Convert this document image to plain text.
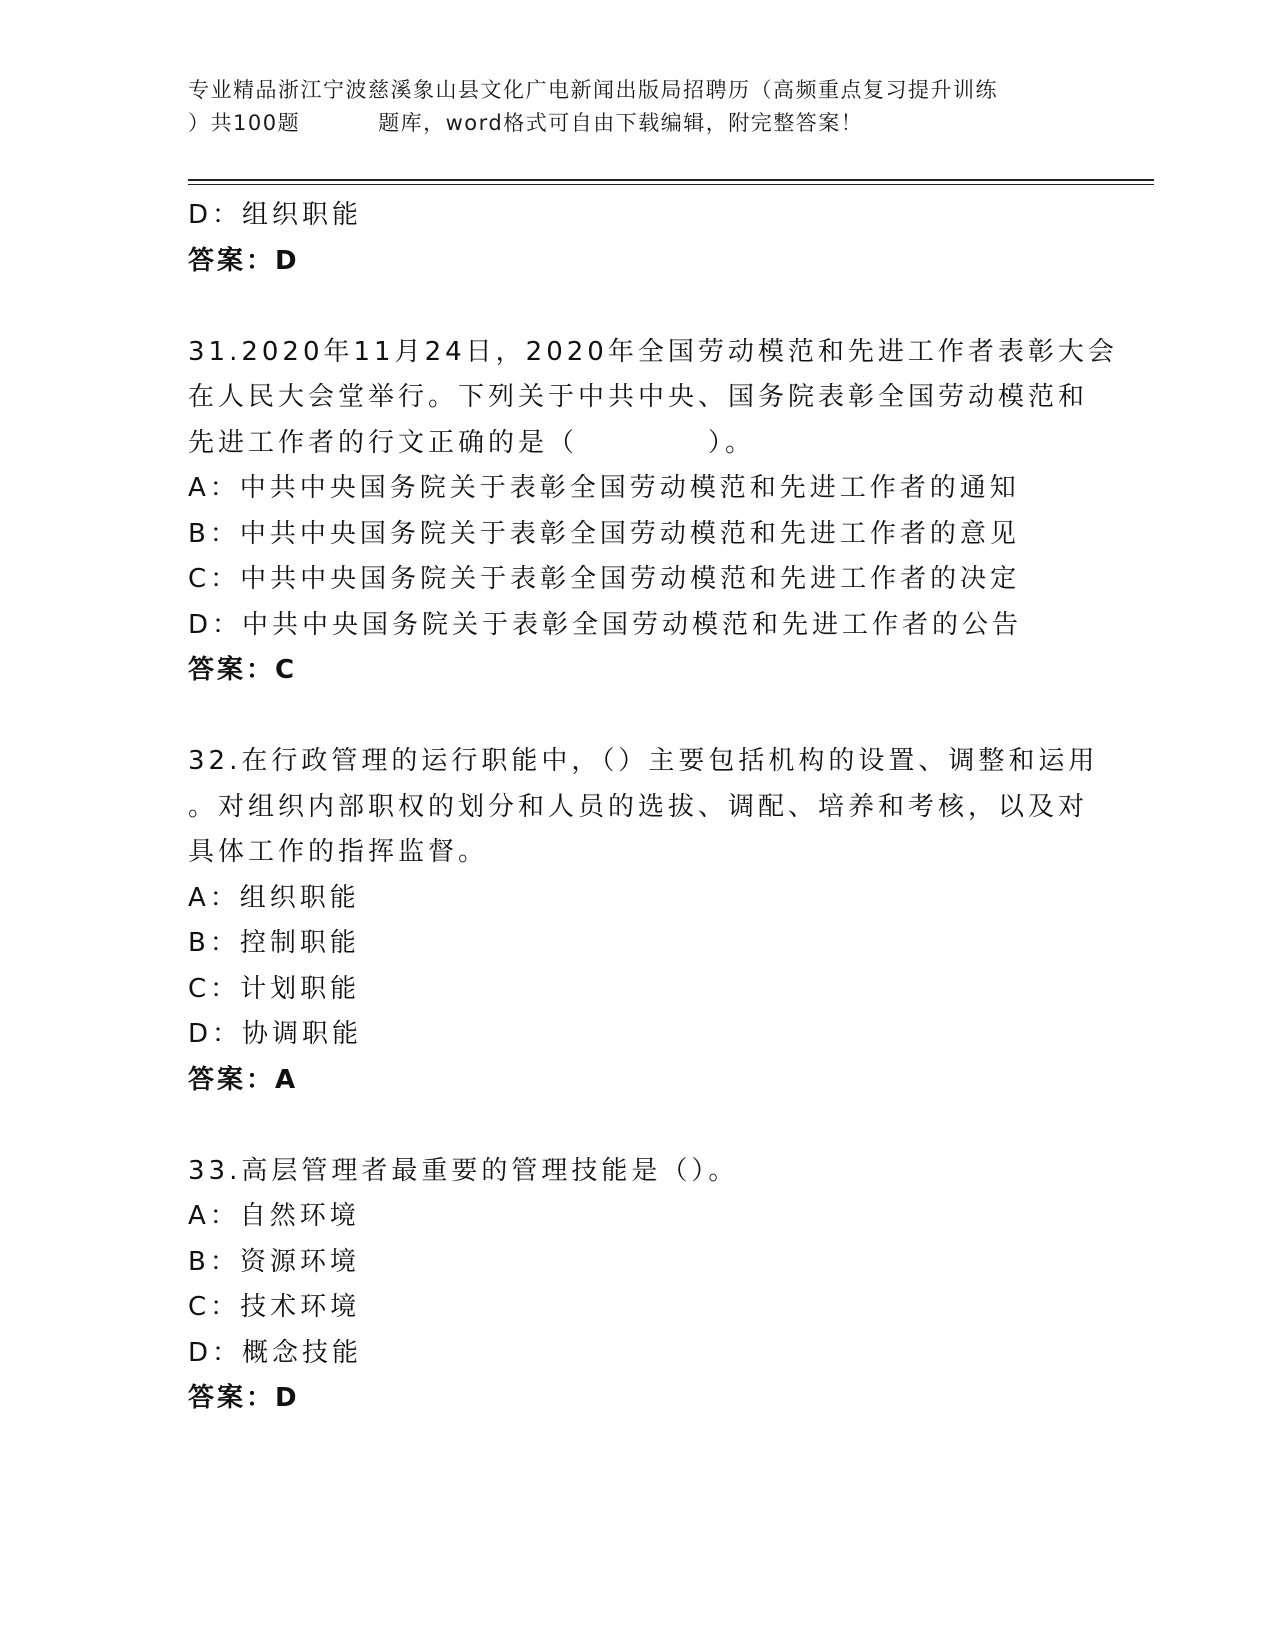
专业精品浙江宁波慈溪象山县文化广电新闻出版局招聘历（高频重点复习提升训练
）共100题	题库，word格式可自由下载编辑，附完整答案！
D：组织职能
答案：D
31.2020年11月24日，2020年全国劳动模范和先进工作者表彰大会
在人民大会堂举行。下列关于中共中央、国务院表彰全国劳动模范和
先进工作者的行文正确的是（	）。
A：中共中央国务院关于表彰全国劳动模范和先进工作者的通知
B：中共中央国务院关于表彰全国劳动模范和先进工作者的意见
C：中共中央国务院关于表彰全国劳动模范和先进工作者的决定
D：中共中央国务院关于表彰全国劳动模范和先进工作者的公告
答案：C
32.在行政管理的运行职能中，（）主要包括机构的设置、调整和运用
。对组织内部职权的划分和人员的选拔、调配、培养和考核，以及对
具体工作的指挥监督。
A：组织职能
B：控制职能
C：计划职能
D：协调职能
答案：A
33.高层管理者最重要的管理技能是（）。
A：自然环境
B：资源环境
C：技术环境
D：概念技能
答案：D
